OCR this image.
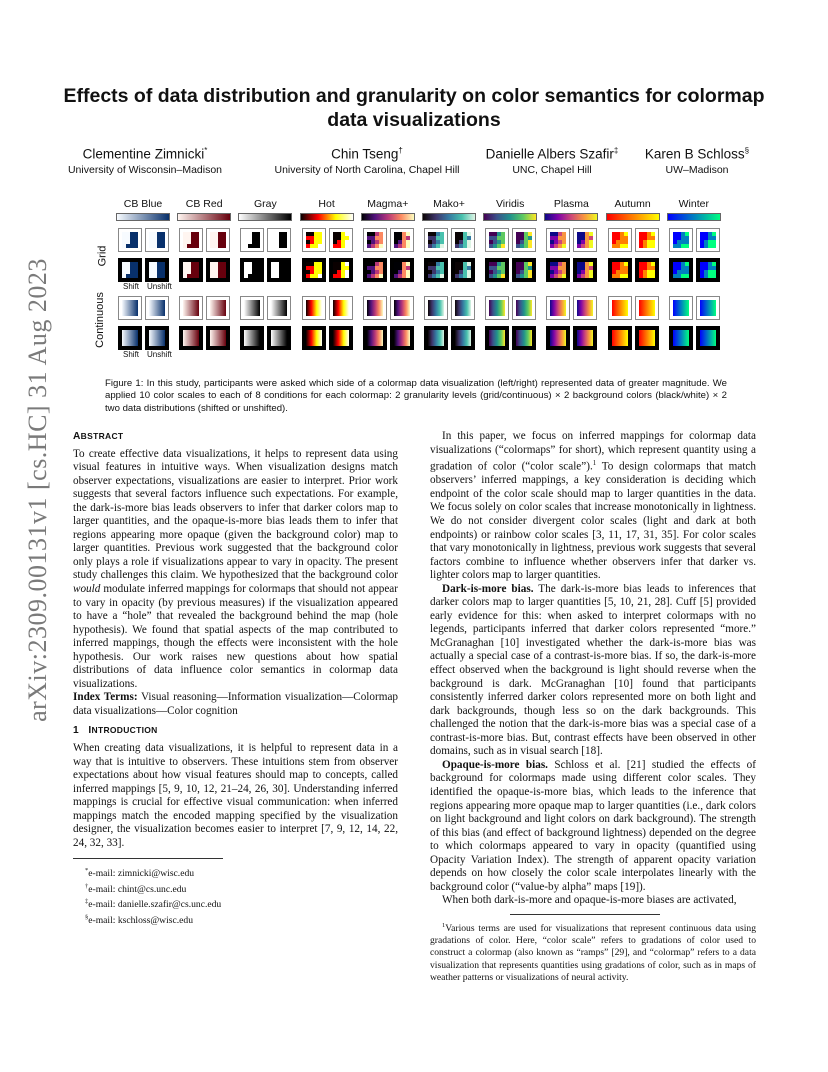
arXiv:2309.00131v1 [cs.HC] 31 Aug 2023
Effects of data distribution and granularity on color semantics for colormap data visualizations
Clementine Zimnicki*
University of Wisconsin–Madison
Chin Tseng†
University of North Carolina, Chapel Hill
Danielle Albers Szafir‡
UNC, Chapel Hill
Karen B Schloss§
UW–Madison
Grid
Continuous
Shift Unshift
Shift Unshift
CB Blue	CB Red	Gray	Hot	Magma+	Mako+	Viridis	Plasma	Autumn	Winter
Figure 1: In this study, participants were asked which side of a colormap data visualization (left/right) represented data of greater magnitude. We applied 10 color scales to each of 8 conditions for each colormap: 2 granularity levels (grid/continuous) × 2 background colors (black/white) × 2 two data distributions (shifted or unshifted).
ABSTRACT

To create effective data visualizations, it helps to represent data using visual features in intuitive ways. When visualization designs match observer expectations, visualizations are easier to interpret. Prior work suggests that several factors influence such expectations. For example, the dark-is-more bias leads observers to infer that darker colors map to larger quantities, and the opaque-is-more bias leads them to infer that regions appearing more opaque (given the background color) map to larger quantities. Previous work suggested that the background color only plays a role if visualizations appear to vary in opacity. The present study challenges this claim. We hypothesized that the background color would modulate inferred mappings for colormaps that should not appear to vary in opacity (by previous measures) if the visualization appeared to have a “hole” that revealed the background behind the map (hole hypothesis). We found that spatial aspects of the map contributed to inferred mappings, though the effects were inconsistent with the hole hypothesis. Our work raises new questions about how spatial distributions of data influence color semantics in colormap data visualizations.

Index Terms: Visual reasoning—Information visualization—Colormap data visualizations—Color cognition

1 INTRODUCTION

When creating data visualizations, it is helpful to represent data in a way that is intuitive to observers. These intuitions stem from observer expectations about how visual features should map to concepts, called inferred mappings [5, 9, 10, 12, 21–24, 26, 30]. Understanding inferred mappings is crucial for effective visual communication: when inferred mappings match the encoded mapping specified by the visualization designer, the visualization becomes easier to interpret [7, 9, 12, 14, 22, 24, 32, 33].

*e-mail: zimnicki@wisc.edu
†e-mail: chint@cs.unc.edu
‡e-mail: danielle.szafir@cs.unc.edu
§e-mail: kschloss@wisc.edu

In this paper, we focus on inferred mappings for colormap data visualizations (“colormaps” for short), which represent quantity using a gradation of color (“color scale”).$^1$ To design colormaps that match observers’ inferred mappings, a key consideration is deciding which endpoint of the color scale should map to larger quantities in the data. We focus solely on color scales that increase monotonically in lightness. We do not consider divergent color scales (light and dark at both endpoints) or rainbow color scales [3, 11, 17, 31, 35]. For color scales that vary monotonically in lightness, previous work suggests that several factors combine to influence whether observers infer that darker vs. lighter colors map to larger quantities.

Dark-is-more bias. The dark-is-more bias leads to inferences that darker colors map to larger quantities [5, 10, 21, 28]. Cuff [5] provided early evidence for this: when asked to interpret colormaps with no legends, participants inferred that darker colors represented “more.” McGranaghan [10] investigated whether the dark-is-more bias was actually a special case of a contrast-is-more bias. If so, the dark-is-more effect observed when the background is light should reverse when the background is dark. McGranaghan [10] found that participants consistently inferred darker colors represented more on both light and dark backgrounds, though less so on the dark backgrounds. This challenged the notion that the dark-is-more bias was a special case of a contrast-is-more bias. But, contrast effects have been observed in other domains, such as in visual search [18].

Opaque-is-more bias. Schloss et al. [21] studied the effects of background for colormaps made using different color scales. They identified the opaque-is-more bias, which leads to the inference that regions appearing more opaque map to larger quantities (i.e., dark colors on light background and light colors on dark background). The strength of this bias (and effect of background lightness) depended on the degree to which colormaps appeared to vary in opacity (quantified using Opacity Variation Index). The strength of apparent opacity variation depends on how closely the color scale interpolates linearly with the background color (“value-by alpha” maps [19]).

When both dark-is-more and opaque-is-more biases are activated,

$^1$Various terms are used for visualizations that represent continuous data using gradations of color. Here, “color scale” refers to gradations of color used to construct a colormap (also known as “ramps” [29], and “colormap” refers to a data visualization that represents quantities using gradations of color, such as in maps of weather patterns or visualizations of neural activity.
